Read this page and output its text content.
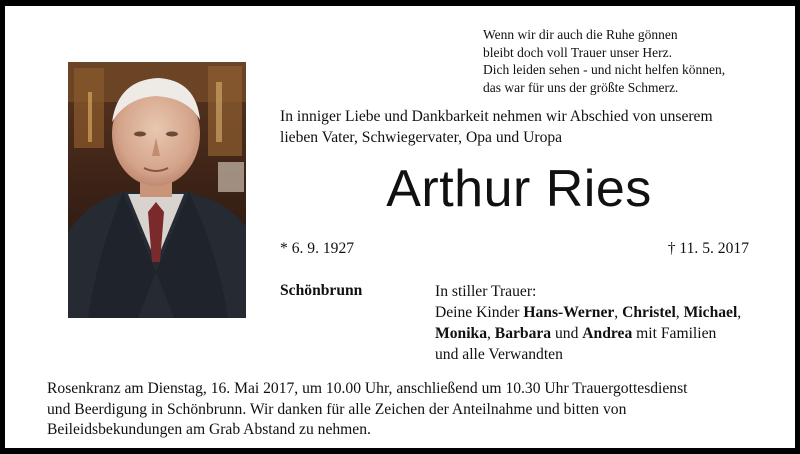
Wenn wir dir auch die Ruhe gönnen
bleibt doch voll Trauer unser Herz.
Dich leiden sehen - und nicht helfen können,
das war für uns der größte Schmerz.
In inniger Liebe und Dankbarkeit nehmen wir Abschied von unserem
lieben Vater, Schwiegervater, Opa und Uropa
Arthur Ries
* 6. 9. 1927	† 11. 5. 2017
Schönbrunn	In stiller Trauer:
Deine Kinder Hans-Werner, Christel, Michael,
Monika, Barbara und Andrea mit Familien
und alle Verwandten
Rosenkranz am Dienstag, 16. Mai 2017, um 10.00 Uhr, anschließend um 10.30 Uhr Trauergottesdienst
und Beerdigung in Schönbrunn. Wir danken für alle Zeichen der Anteilnahme und bitten von
Beileidsbekundungen am Grab Abstand zu nehmen.
